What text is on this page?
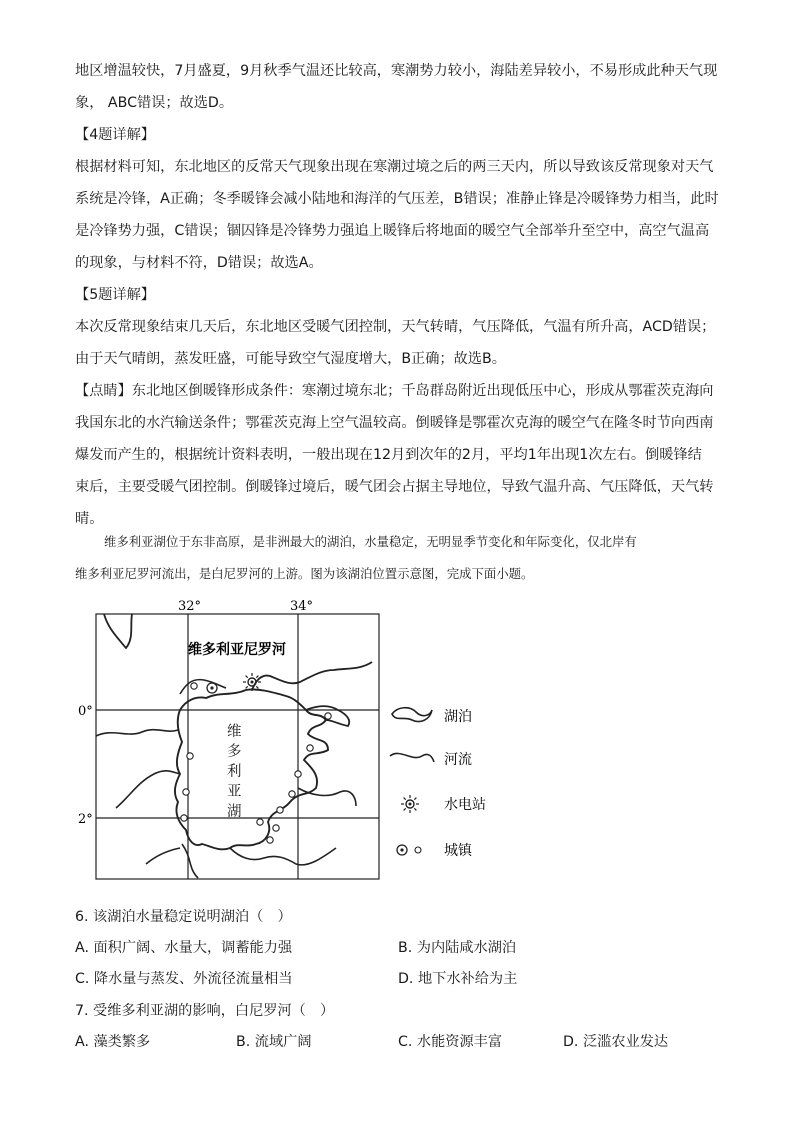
地区增温较快，7月盛夏，9月秋季气温还比较高，寒潮势力较小，海陆差异较小，不易形成此种天气现
象， ABC错误；故选D。
【4题详解】
根据材料可知，东北地区的反常天气现象出现在寒潮过境之后的两三天内，所以导致该反常现象对天气
系统是冷锋，A正确；冬季暖锋会减小陆地和海洋的气压差，B错误；准静止锋是冷暖锋势力相当，此时
是冷锋势力强，C错误；锢囚锋是冷锋势力强追上暖锋后将地面的暖空气全部举升至空中，高空气温高
的现象，与材料不符，D错误；故选A。
【5题详解】
本次反常现象结束几天后，东北地区受暖气团控制，天气转晴，气压降低，气温有所升高，ACD错误；
由于天气晴朗，蒸发旺盛，可能导致空气湿度增大，B正确；故选B。
【点睛】东北地区倒暖锋形成条件：寒潮过境东北；千岛群岛附近出现低压中心，形成从鄂霍茨克海向
我国东北的水汽输送条件；鄂霍茨克海上空气温较高。倒暖锋是鄂霍次克海的暖空气在隆冬时节向西南
爆发而产生的，根据统计资料表明，一般出现在12月到次年的2月，平均1年出现1次左右。倒暖锋结
束后，主要受暖气团控制。倒暖锋过境后，暖气团会占据主导地位，导致气温升高、气压降低，天气转
晴。
维多利亚湖位于东非高原，是非洲最大的湖泊，水量稳定，无明显季节变化和年际变化，仅北岸有
维多利亚尼罗河流出，是白尼罗河的上游。图为该湖泊位置示意图，完成下面小题。
32°	34°
0°
2°
维多利亚尼罗河
维
多
利
亚
湖
湖泊
河流
水电站
城镇
6. 该湖泊水量稳定说明湖泊（　）
A. 面积广阔、水量大，调蓄能力强	B. 为内陆咸水湖泊
C. 降水量与蒸发、外流径流量相当	D. 地下水补给为主
7. 受维多利亚湖的影响，白尼罗河（　）
A. 藻类繁多	B. 流域广阔	C. 水能资源丰富	D. 泛滥农业发达
